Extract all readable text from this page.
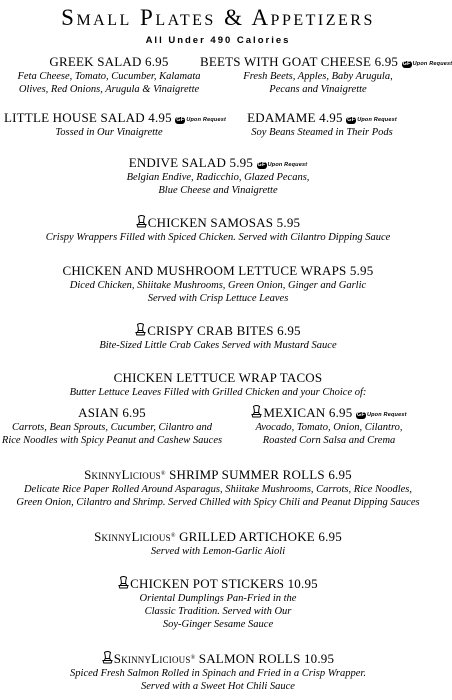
Small Plates & Appetizers
All Under 490 Calories
GREEK SALAD 6.95
Feta Cheese, Tomato, Cucumber, Kalamata
Olives, Red Onions, Arugula & Vinaigrette
BEETS WITH GOAT CHEESE 6.95 GF Upon Request
Fresh Beets, Apples, Baby Arugula,
Pecans and Vinaigrette
LITTLE HOUSE SALAD 4.95 GF Upon Request
Tossed in Our Vinaigrette
EDAMAME 4.95 GF Upon Request
Soy Beans Steamed in Their Pods
ENDIVE SALAD 5.95 GF Upon Request
Belgian Endive, Radicchio, Glazed Pecans,
Blue Cheese and Vinaigrette
CHICKEN SAMOSAS 5.95
Crispy Wrappers Filled with Spiced Chicken. Served with Cilantro Dipping Sauce
CHICKEN AND MUSHROOM LETTUCE WRAPS 5.95
Diced Chicken, Shiitake Mushrooms, Green Onion, Ginger and Garlic
Served with Crisp Lettuce Leaves
CRISPY CRAB BITES 6.95
Bite-Sized Little Crab Cakes Served with Mustard Sauce
CHICKEN LETTUCE WRAP TACOS
Butter Lettuce Leaves Filled with Grilled Chicken and your Choice of:
ASIAN 6.95
Carrots, Bean Sprouts, Cucumber, Cilantro and
Rice Noodles with Spicy Peanut and Cashew Sauces
MEXICAN 6.95 GF Upon Request
Avocado, Tomato, Onion, Cilantro,
Roasted Corn Salsa and Crema
SkinnyLicious® SHRIMP SUMMER ROLLS 6.95
Delicate Rice Paper Rolled Around Asparagus, Shiitake Mushrooms, Carrots, Rice Noodles,
Green Onion, Cilantro and Shrimp. Served Chilled with Spicy Chili and Peanut Dipping Sauces
SkinnyLicious® GRILLED ARTICHOKE 6.95
Served with Lemon-Garlic Aioli
CHICKEN POT STICKERS 10.95
Oriental Dumplings Pan-Fried in the
Classic Tradition. Served with Our
Soy-Ginger Sesame Sauce
SkinnyLicious® SALMON ROLLS 10.95
Spiced Fresh Salmon Rolled in Spinach and Fried in a Crisp Wrapper.
Served with a Sweet Hot Chili Sauce
